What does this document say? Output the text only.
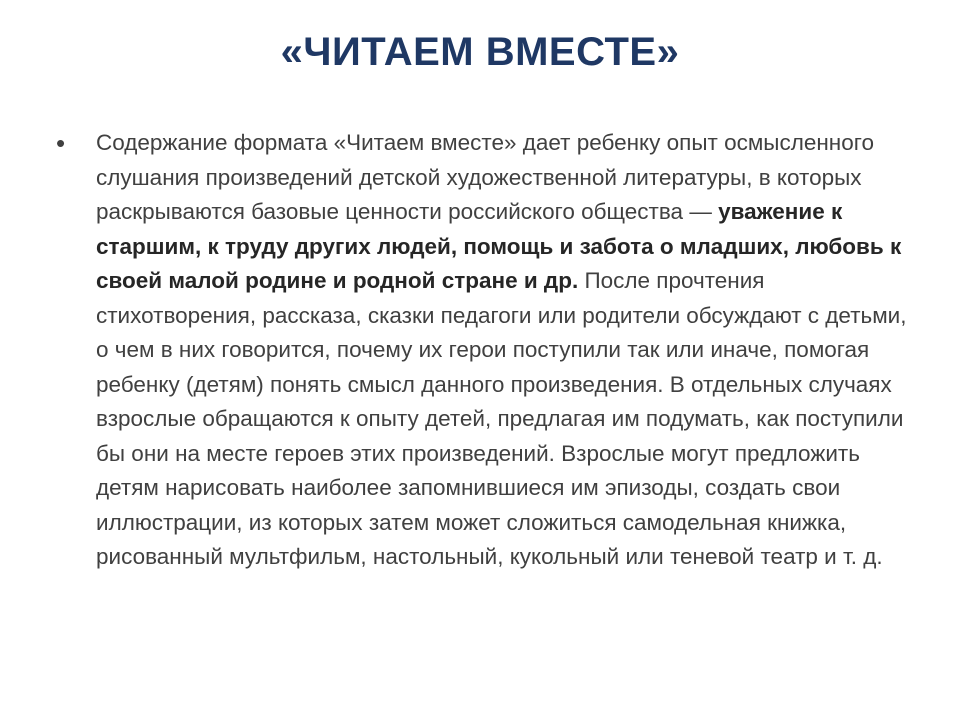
«ЧИТАЕМ ВМЕСТЕ»
• Содержание формата «Читаем вместе» дает ребенку опыт осмысленного слушания произведений детской художественной литературы, в которых раскрываются базовые ценности российского общества — уважение к старшим, к труду других людей, помощь и забота о младших, любовь к своей малой родине и родной стране и др. После прочтения стихотворения, рассказа, сказки педагоги или родители обсуждают с детьми, о чем в них говорится, почему их герои поступили так или иначе, помогая ребенку (детям) понять смысл данного произведения. В отдельных случаях взрослые обращаются к опыту детей, предлагая им подумать, как поступили бы они на месте героев этих произведений. Взрослые могут предложить детям нарисовать наиболее запомнившиеся им эпизоды, создать свои иллюстрации, из которых затем может сложиться самодельная книжка, рисованный мультфильм, настольный, кукольный или теневой театр и т. д.
